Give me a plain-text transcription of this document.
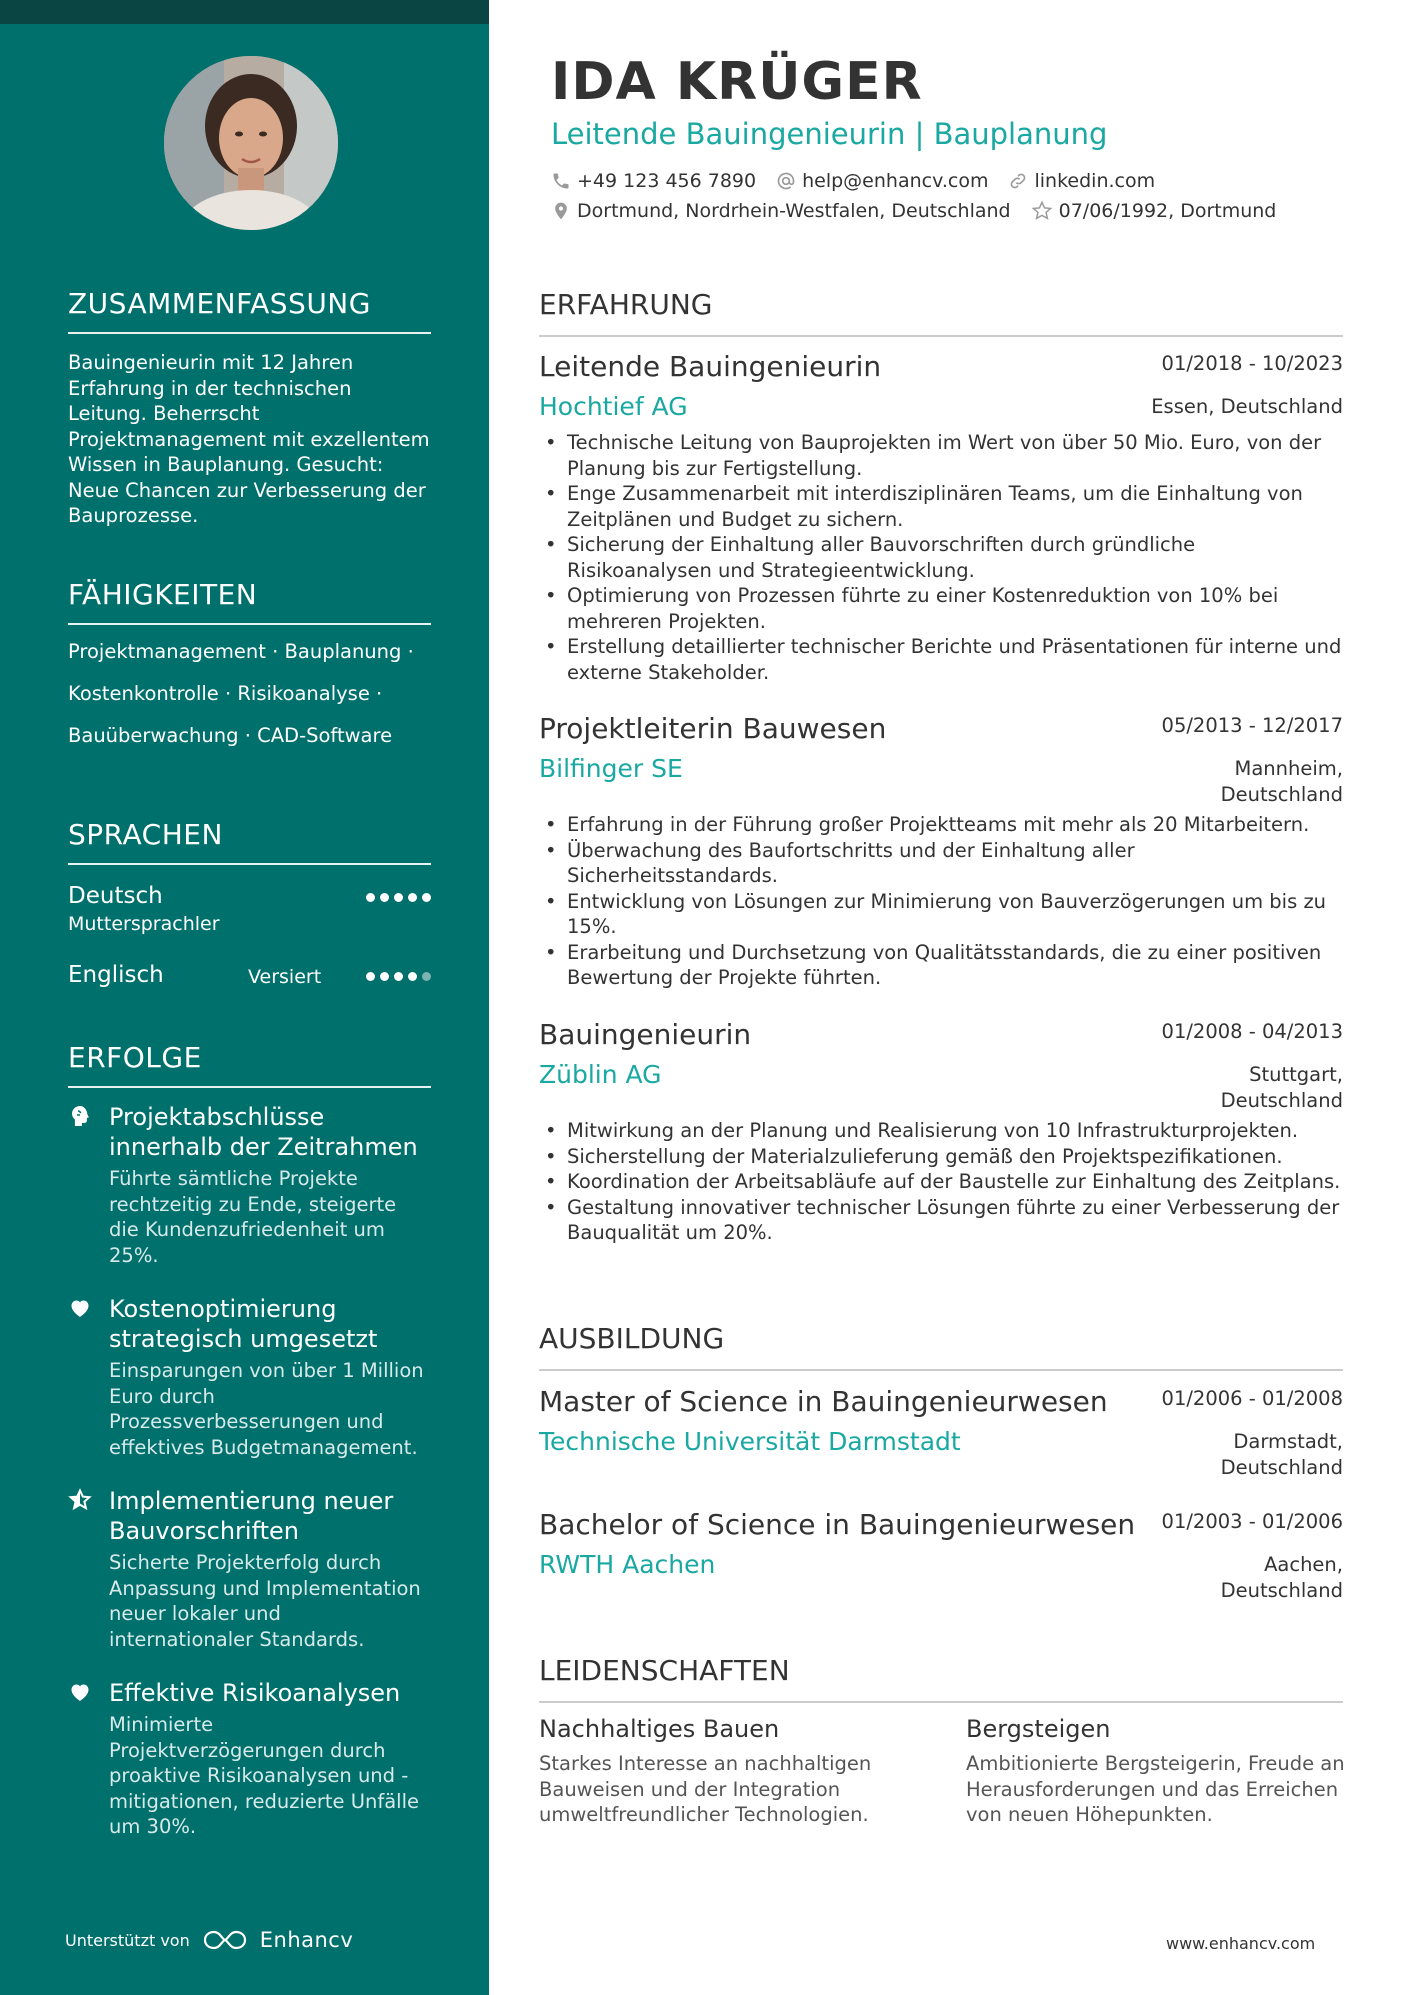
ZUSAMMENFASSUNG
Bauingenieurin mit 12 Jahren Erfahrung in der technischen Leitung. Beherrscht Projektmanagement mit exzellentem Wissen in Bauplanung. Gesucht: Neue Chancen zur Verbesserung der Bauprozesse.
FÄHIGKEITEN
Projektmanagement · Bauplanung ·
Kostenkontrolle · Risikoanalyse ·
Bauüberwachung · CAD-Software
SPRACHEN
Deutsch
Muttersprachler
Englisch	Versiert
ERFOLGE
Projektabschlüsse innerhalb der Zeitrahmen
Führte sämtliche Projekte rechtzeitig zu Ende, steigerte die Kundenzufriedenheit um 25%.
Kostenoptimierung strategisch umgesetzt
Einsparungen von über 1 Million Euro durch Prozessverbesserungen und effektives Budgetmanagement.
Implementierung neuer Bauvorschriften
Sicherte Projekterfolg durch Anpassung und Implementation neuer lokaler und internationaler Standards.
Effektive Risikoanalysen
Minimierte Projektverzögerungen durch proaktive Risikoanalysen und -mitigationen, reduzierte Unfälle um 30%.
Unterstützt von	Enhancv
IDA KRÜGER
Leitende Bauingenieurin | Bauplanung
+49 123 456 7890 help@enhancv.com linkedin.com
Dortmund, Nordrhein-Westfalen, Deutschland	07/06/1992, Dortmund
ERFAHRUNG
Leitende Bauingenieurin	01/2018 - 10/2023
Hochtief AG	Essen, Deutschland
• Technische Leitung von Bauprojekten im Wert von über 50 Mio. Euro, von der Planung bis zur Fertigstellung.
• Enge Zusammenarbeit mit interdisziplinären Teams, um die Einhaltung von Zeitplänen und Budget zu sichern.
• Sicherung der Einhaltung aller Bauvorschriften durch gründliche Risikoanalysen und Strategieentwicklung.
• Optimierung von Prozessen führte zu einer Kostenreduktion von 10% bei mehreren Projekten.
• Erstellung detaillierter technischer Berichte und Präsentationen für interne und externe Stakeholder.
Projektleiterin Bauwesen	05/2013 - 12/2017
Bilfinger SE	Mannheim,
Deutschland
• Erfahrung in der Führung großer Projektteams mit mehr als 20 Mitarbeitern.
• Überwachung des Baufortschritts und der Einhaltung aller Sicherheitsstandards.
• Entwicklung von Lösungen zur Minimierung von Bauverzögerungen um bis zu 15%.
• Erarbeitung und Durchsetzung von Qualitätsstandards, die zu einer positiven Bewertung der Projekte führten.
Bauingenieurin	01/2008 - 04/2013
Züblin AG	Stuttgart,
Deutschland
• Mitwirkung an der Planung und Realisierung von 10 Infrastrukturprojekten.
• Sicherstellung der Materialzulieferung gemäß den Projektspezifikationen.
• Koordination der Arbeitsabläufe auf der Baustelle zur Einhaltung des Zeitplans.
• Gestaltung innovativer technischer Lösungen führte zu einer Verbesserung der Bauqualität um 20%.
AUSBILDUNG
Master of Science in Bauingenieurwesen	01/2006 - 01/2008
Technische Universität Darmstadt	Darmstadt,
Deutschland
Bachelor of Science in Bauingenieurwesen 01/2003 - 01/2006
RWTH Aachen	Aachen,
Deutschland
LEIDENSCHAFTEN
Nachhaltiges Bauen
Starkes Interesse an nachhaltigen Bauweisen und der Integration umweltfreundlicher Technologien.
Bergsteigen
Ambitionierte Bergsteigerin, Freude an Herausforderungen und das Erreichen von neuen Höhepunkten.
www.enhancv.com
